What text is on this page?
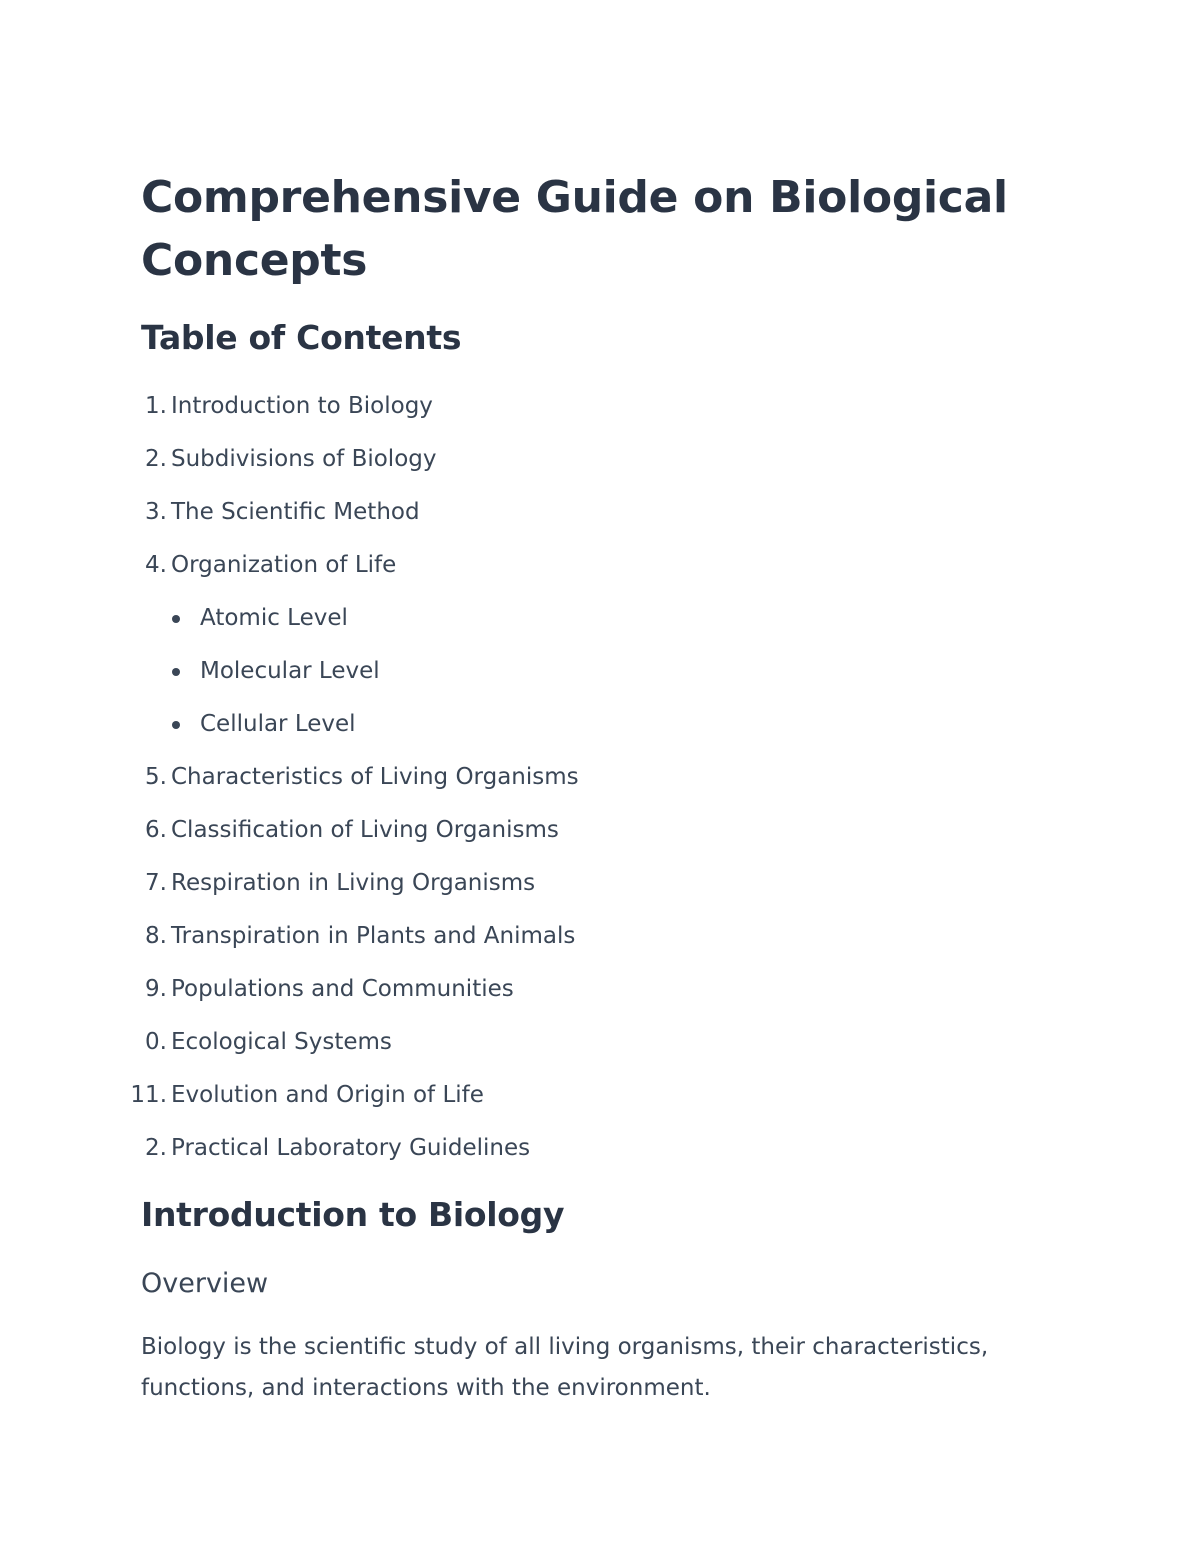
Comprehensive Guide on Biological Concepts
Table of Contents
1. Introduction to Biology
2. Subdivisions of Biology
3. The Scientific Method
4. Organization of Life
Atomic Level
Molecular Level
Cellular Level
5. Characteristics of Living Organisms
6. Classification of Living Organisms
7. Respiration in Living Organisms
8. Transpiration in Plants and Animals
9. Populations and Communities
0. Ecological Systems
11. Evolution and Origin of Life
2. Practical Laboratory Guidelines
Introduction to Biology
Overview

Biology is the scientific study of all living organisms, their characteristics, functions, and interactions with the environment.
